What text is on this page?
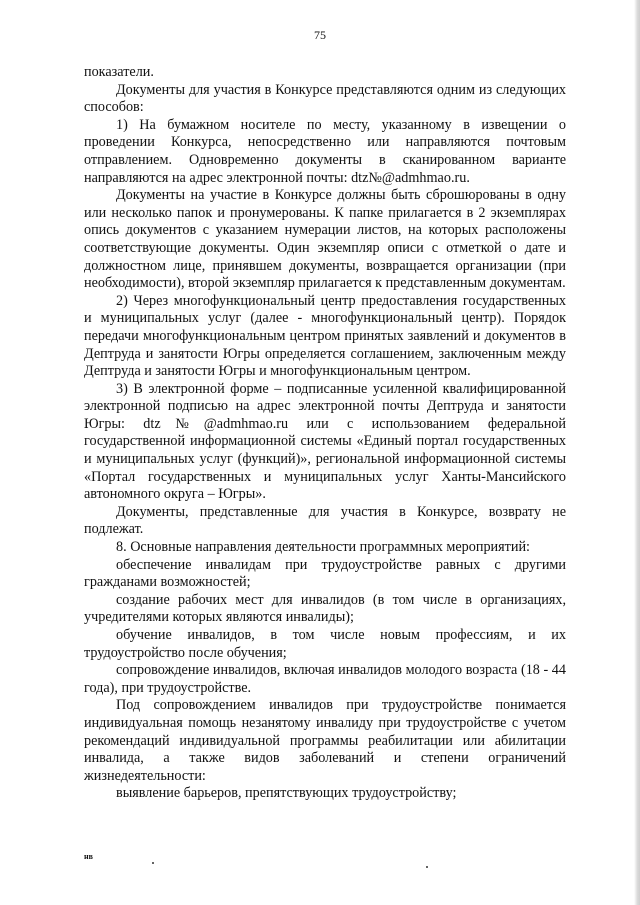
75

показатели.

Документы для участия в Конкурсе представляются одним из следующих способов:

1) На бумажном носителе по месту, указанному в извещении о проведении Конкурса, непосредственно или направляются почтовым отправлением. Одновременно документы в сканированном варианте направляются на адрес электронной почты: dtz№@admhmao.ru.

Документы на участие в Конкурсе должны быть сброшюрованы в одну или несколько папок и пронумерованы. К папке прилагается в 2 экземплярах опись документов с указанием нумерации листов, на которых расположены соответствующие документы. Один экземпляр описи с отметкой о дате и должностном лице, принявшем документы, возвращается организации (при необходимости), второй экземпляр прилагается к представленным документам.

2) Через многофункциональный центр предоставления государственных и муниципальных услуг (далее - многофункциональный центр). Порядок передачи многофункциональным центром принятых заявлений и документов в Дептруда и занятости Югры определяется соглашением, заключенным между Дептруда и занятости Югры и многофункциональным центром.

3) В электронной форме – подписанные усиленной квалифицированной электронной подписью на адрес электронной почты Дептруда и занятости Югры: dtz№@admhmao.ru или с использованием федеральной государственной информационной системы «Единый портал государственных и муниципальных услуг (функций)», региональной информационной системы «Портал государственных и муниципальных услуг Ханты-Мансийского автономного округа – Югры».

Документы, представленные для участия в Конкурсе, возврату не подлежат.

8. Основные направления деятельности программных мероприятий:

обеспечение инвалидам при трудоустройстве равных с другими гражданами возможностей;

создание рабочих мест для инвалидов (в том числе в организациях, учредителями которых являются инвалиды);

обучение инвалидов, в том числе новым профессиям, и их трудоустройство после обучения;

сопровождение инвалидов, включая инвалидов молодого возраста (18 - 44 года), при трудоустройстве.

Под сопровождением инвалидов при трудоустройстве понимается индивидуальная помощь незанятому инвалиду при трудоустройстве с учетом рекомендаций индивидуальной программы реабилитации или абилитации инвалида, а также видов заболеваний и степени ограничений жизнедеятельности:

выявление барьеров, препятствующих трудоустройству;

нв
